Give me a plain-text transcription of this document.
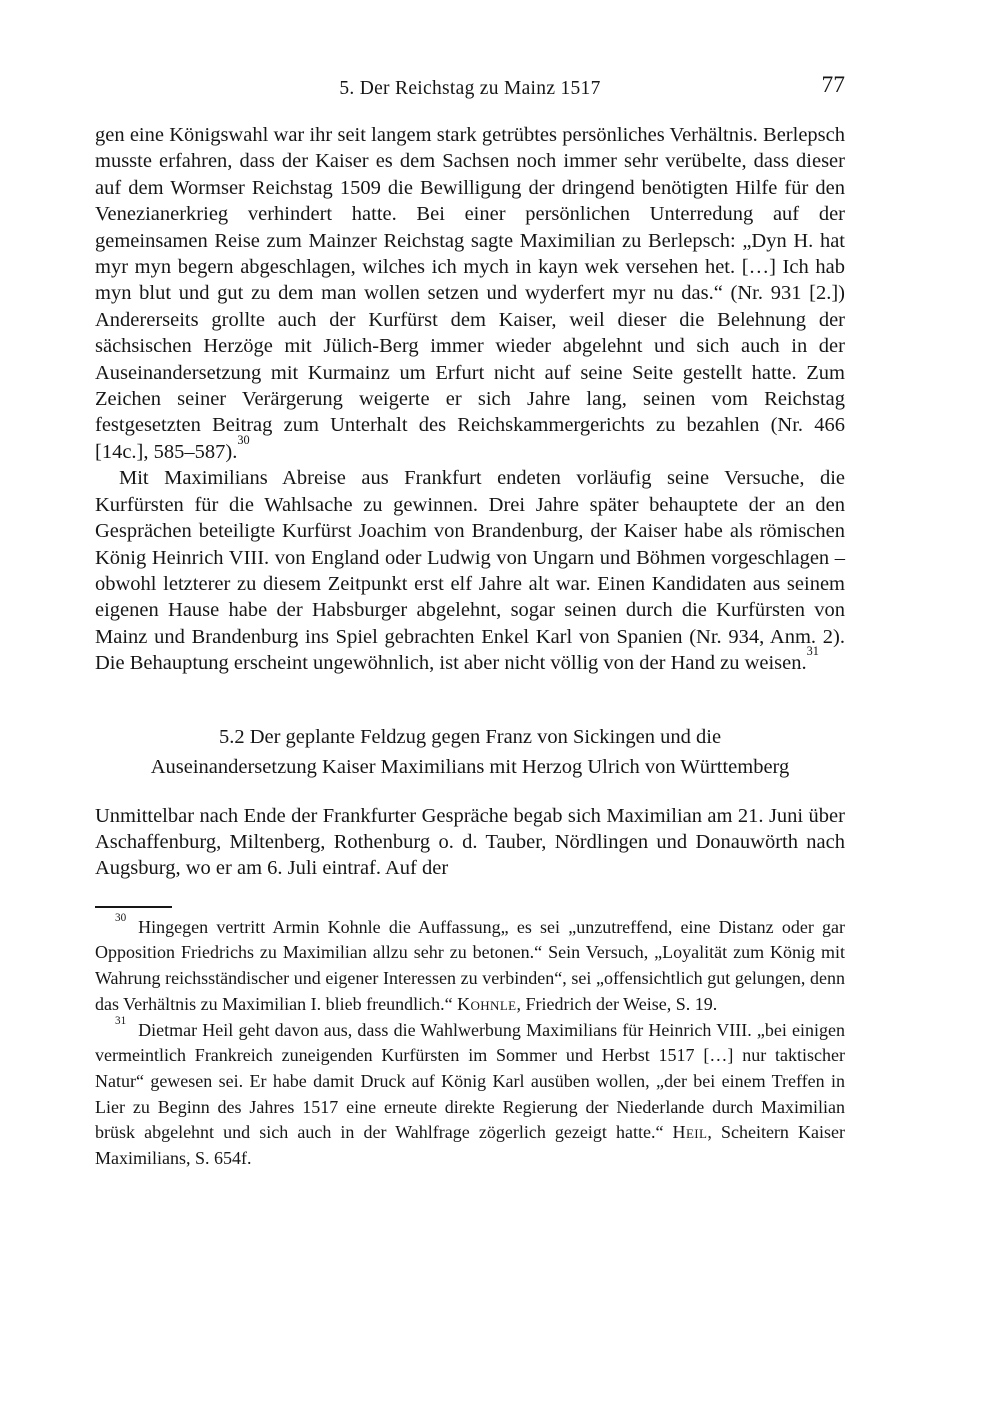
5. Der Reichstag zu Mainz 1517	77

gen eine Königswahl war ihr seit langem stark getrübtes persönliches Verhältnis. Berlepsch musste erfahren, dass der Kaiser es dem Sachsen noch immer sehr verübelte, dass dieser auf dem Wormser Reichstag 1509 die Bewilligung der dringend benötigten Hilfe für den Venezianerkrieg verhindert hatte. Bei einer persönlichen Unterredung auf der gemeinsamen Reise zum Mainzer Reichstag sagte Maximilian zu Berlepsch: „Dyn H. hat myr myn begern abgeschlagen, wilches ich mych in kayn wek versehen het. […] Ich hab myn blut und gut zu dem man wollen setzen und wyderfert myr nu das.“ (Nr. 931 [2.]) Andererseits grollte auch der Kurfürst dem Kaiser, weil dieser die Belehnung der sächsischen Herzöge mit Jülich-Berg immer wieder abgelehnt und sich auch in der Auseinandersetzung mit Kurmainz um Erfurt nicht auf seine Seite gestellt hatte. Zum Zeichen seiner Verärgerung weigerte er sich Jahre lang, seinen vom Reichstag festgesetzten Beitrag zum Unterhalt des Reichskammergerichts zu bezahlen (Nr. 466 [14c.], 585–587).$^{30}$

Mit Maximilians Abreise aus Frankfurt endeten vorläufig seine Versuche, die Kurfürsten für die Wahlsache zu gewinnen. Drei Jahre später behauptete der an den Gesprächen beteiligte Kurfürst Joachim von Brandenburg, der Kaiser habe als römischen König Heinrich VIII. von England oder Ludwig von Ungarn und Böhmen vorgeschlagen – obwohl letzterer zu diesem Zeitpunkt erst elf Jahre alt war. Einen Kandidaten aus seinem eigenen Hause habe der Habsburger abgelehnt, sogar seinen durch die Kurfürsten von Mainz und Brandenburg ins Spiel gebrachten Enkel Karl von Spanien (Nr. 934, Anm. 2). Die Behauptung erscheint ungewöhnlich, ist aber nicht völlig von der Hand zu weisen.$^{31}$

5.2 Der geplante Feldzug gegen Franz von Sickingen und die
Auseinandersetzung Kaiser Maximilians mit Herzog Ulrich von Württemberg

Unmittelbar nach Ende der Frankfurter Gespräche begab sich Maximilian am 21. Juni über Aschaffenburg, Miltenberg, Rothenburg o. d. Tauber, Nördlingen und Donauwörth nach Augsburg, wo er am 6. Juli eintraf. Auf der

$^{30}$ Hingegen vertritt Armin Kohnle die Auffassung„ es sei „unzutreffend, eine Distanz oder gar Opposition Friedrichs zu Maximilian allzu sehr zu betonen.“ Sein Versuch, „Loyalität zum König mit Wahrung reichsständischer und eigener Interessen zu verbinden“, sei „offensichtlich gut gelungen, denn das Verhältnis zu Maximilian I. blieb freundlich.“ Kohnle, Friedrich der Weise, S. 19.

$^{31}$ Dietmar Heil geht davon aus, dass die Wahlwerbung Maximilians für Heinrich VIII. „bei einigen vermeintlich Frankreich zuneigenden Kurfürsten im Sommer und Herbst 1517 […] nur taktischer Natur“ gewesen sei. Er habe damit Druck auf König Karl ausüben wollen, „der bei einem Treffen in Lier zu Beginn des Jahres 1517 eine erneute direkte Regierung der Niederlande durch Maximilian brüsk abgelehnt und sich auch in der Wahlfrage zögerlich gezeigt hatte.“ Heil, Scheitern Kaiser Maximilians, S. 654f.
